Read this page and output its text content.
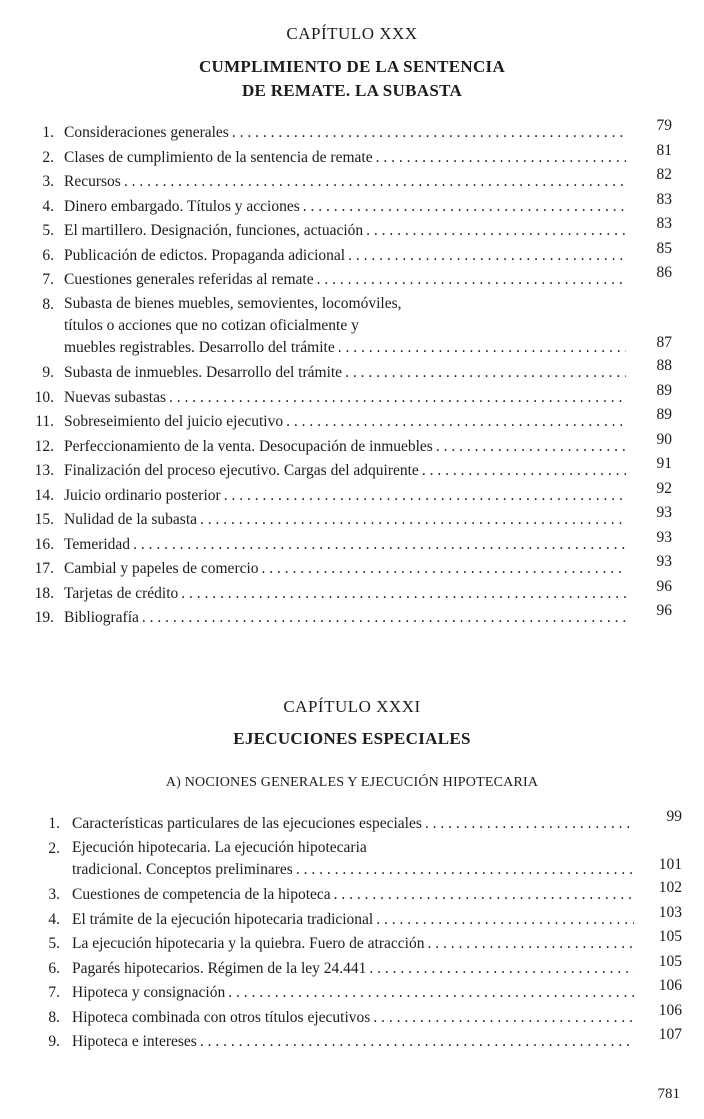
CAPÍTULO XXX
CUMPLIMIENTO DE LA SENTENCIA
DE REMATE. LA SUBASTA
1. Consideraciones generales . . .	79
2. Clases de cumplimiento de la sentencia de remate . . .	81
3. Recursos . . .	82
4. Dinero embargado. Títulos y acciones . . .	83
5. El martillero. Designación, funciones, actuación . . .	83
6. Publicación de edictos. Propaganda adicional . . .	85
7. Cuestiones generales referidas al remate . . .	86
8. Subasta de bienes muebles, semovientes, locomóviles,
títulos o acciones que no cotizan oficialmente y
muebles registrables. Desarrollo del trámite . . .	87
9. Subasta de inmuebles. Desarrollo del trámite . . .	88
10. Nuevas subastas . . .	89
11. Sobreseimiento del juicio ejecutivo . . .	89
12. Perfeccionamiento de la venta. Desocupación de inmuebles . . .	90
13. Finalización del proceso ejecutivo. Cargas del adquirente . . .	91
14. Juicio ordinario posterior . . .	92
15. Nulidad de la subasta . . .	93
16. Temeridad . . .	93
17. Cambial y papeles de comercio . . .	93
18. Tarjetas de crédito . . .	96
19. Bibliografía . . .	96
CAPÍTULO XXXI
EJECUCIONES ESPECIALES
A) NOCIONES GENERALES Y EJECUCIÓN HIPOTECARIA
1. Características particulares de las ejecuciones especiales . . .	99
2. Ejecución hipotecaria. La ejecución hipotecaria
tradicional. Conceptos preliminares . . .	101
3. Cuestiones de competencia de la hipoteca . . .	102
4. El trámite de la ejecución hipotecaria tradicional . . .	103
5. La ejecución hipotecaria y la quiebra. Fuero de atracción . . .	105
6. Pagarés hipotecarios. Régimen de la ley 24.441 . . .	105
7. Hipoteca y consignación . . .	106
8. Hipoteca combinada con otros títulos ejecutivos . . .	106
9. Hipoteca e intereses . . .	107
781
